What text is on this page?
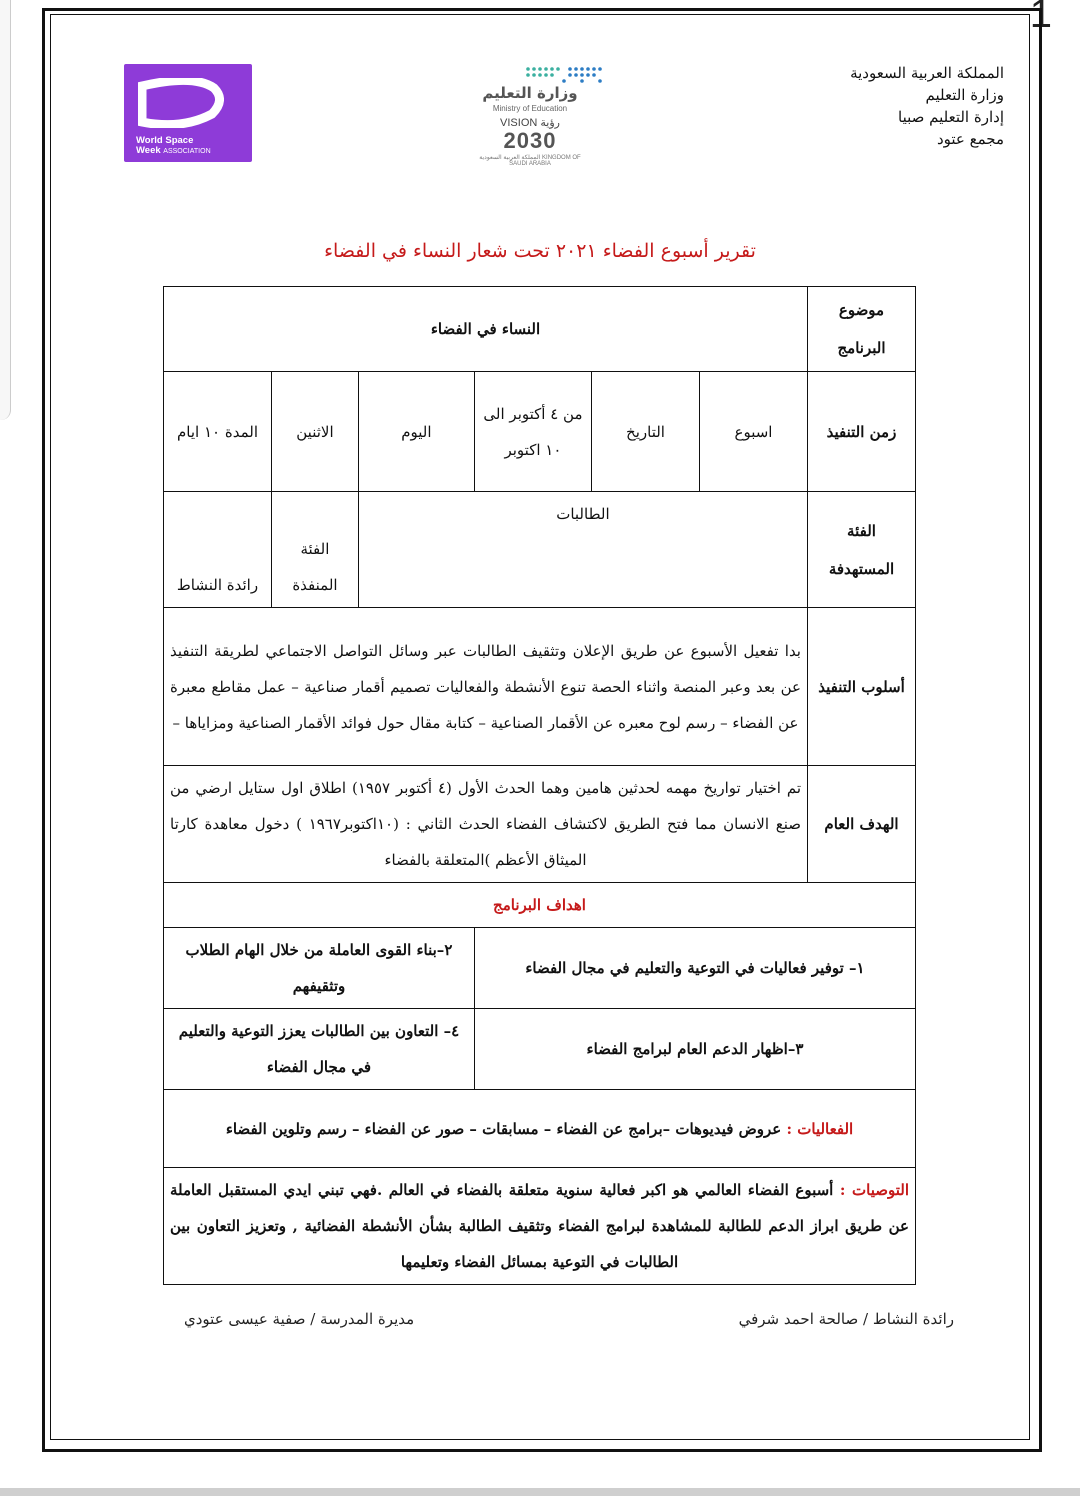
1
المملكة العربية السعودية
وزارة التعليم
إدارة التعليم صبيا
مجمع عتود
World Space
Week ASSOCIATION
وزارة التعليم
Ministry of Education
VISION رؤية
2030
المملكة العربية السعودية KINGDOM OF SAUDI ARABIA
تقرير أسبوع الفضاء ٢٠٢١ تحت شعار النساء في الفضاء
موضوع البرنامج	النساء في الفضاء					
زمن التنفيذ	اسبوع	التاريخ	من ٤ أكتوبر الى ١٠ اكتوبر	اليوم	الاثنين	المدة ١٠ ايام
الفئة المستهدفة	الطالبات				الفئة المنفذة	رائدة النشاط
أسلوب التنفيذ	بدا تفعيل الأسبوع عن طريق الإعلان وتثقيف الطالبات عبر وسائل التواصل الاجتماعي لطريقة التنفيذ عن بعد وعبر المنصة واثناء الحصة تنوع الأنشطة والفعاليات تصميم أقمار صناعية – عمل مقاطع معبرة عن الفضاء – رسم لوح معبره عن الأقمار الصناعية – كتابة مقال حول فوائد الأقمار الصناعية ومزاياها –					
الهدف العام	تم اختيار تواريخ مهمه لحدثين هامين وهما الحدث الأول (٤ أكتوبر ١٩٥٧) اطلاق اول ستايل ارضي من صنع الانسان مما فتح الطريق لاكتشاف الفضاء الحدث الثاني : (١٠اكتوبر١٩٦٧ ) دخول معاهدة كارتا الميثاق الأعظم )المتعلقة بالفضاء					
اهداف البرنامج						
١– توفير فعاليات في التوعية والتعليم في مجال الفضاء				٢–بناء القوى العاملة من خلال الهام الطلاب وتثقيفهم		
٣–اظهار الدعم العام لبرامج الفضاء				٤– التعاون بين الطالبات يعزز التوعية والتعليم في مجال الفضاء		
الفعاليات : عروض فيديوهات –برامج عن الفضاء – مسابقات – صور عن الفضاء – رسم وتلوين الفضاء						
التوصيات : أسبوع الفضاء العالمي هو اكبر فعالية سنوية متعلقة بالفضاء في العالم .فهي تبني ايدي المستقبل العاملة عن طريق ابراز الدعم للطالبة للمشاهدة لبرامج الفضاء وتثقيف الطالبة بشأن الأنشطة الفضائية , وتعزيز التعاون بين الطالبات في التوعية بمسائل الفضاء وتعليمها						
رائدة النشاط / صالحة احمد شرفي
مديرة المدرسة / صفية عيسى عتودي
